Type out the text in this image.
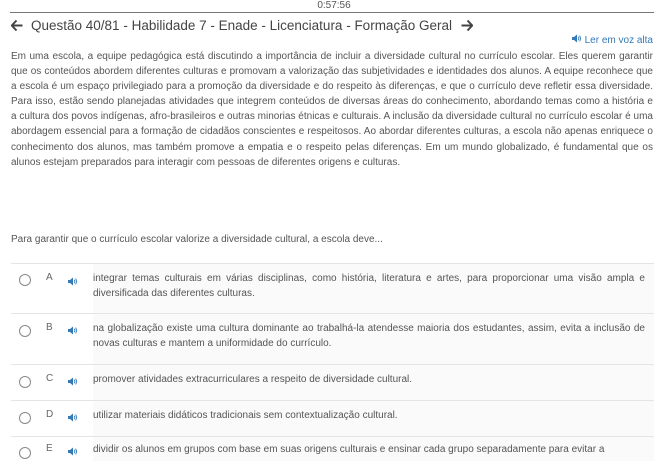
0:57:56
Questão 40/81 - Habilidade 7 - Enade - Licenciatura - Formação Geral
Ler em voz alta

Em uma escola, a equipe pedagógica está discutindo a importância de incluir a diversidade cultural no currículo escolar. Eles querem garantir que os conteúdos abordem diferentes culturas e promovam a valorização das subjetividades e identidades dos alunos. A equipe reconhece que a escola é um espaço privilegiado para a promoção da diversidade e do respeito às diferenças, e que o currículo deve refletir essa diversidade. Para isso, estão sendo planejadas atividades que integrem conteúdos de diversas áreas do conhecimento, abordando temas como a história e a cultura dos povos indígenas, afro-brasileiros e outras minorias étnicas e culturais. A inclusão da diversidade cultural no currículo escolar é uma abordagem essencial para a formação de cidadãos conscientes e respeitosos. Ao abordar diferentes culturas, a escola não apenas enriquece o conhecimento dos alunos, mas também promove a empatia e o respeito pelas diferenças. Em um mundo globalizado, é fundamental que os alunos estejam preparados para interagir com pessoas de diferentes origens e culturas.

Para garantir que o currículo escolar valorize a diversidade cultural, a escola deve...

A	integrar temas culturais em várias disciplinas, como história, literatura e artes, para proporcionar uma visão ampla e diversificada das diferentes culturas.
B	na globalização existe uma cultura dominante ao trabalhá-la atendesse maioria dos estudantes, assim, evita a inclusão de novas culturas e mantem a uniformidade do currículo.
C	promover atividades extracurriculares a respeito de diversidade cultural.
D	utilizar materiais didáticos tradicionais sem contextualização cultural.
E	dividir os alunos em grupos com base em suas origens culturais e ensinar cada grupo separadamente para evitar a
